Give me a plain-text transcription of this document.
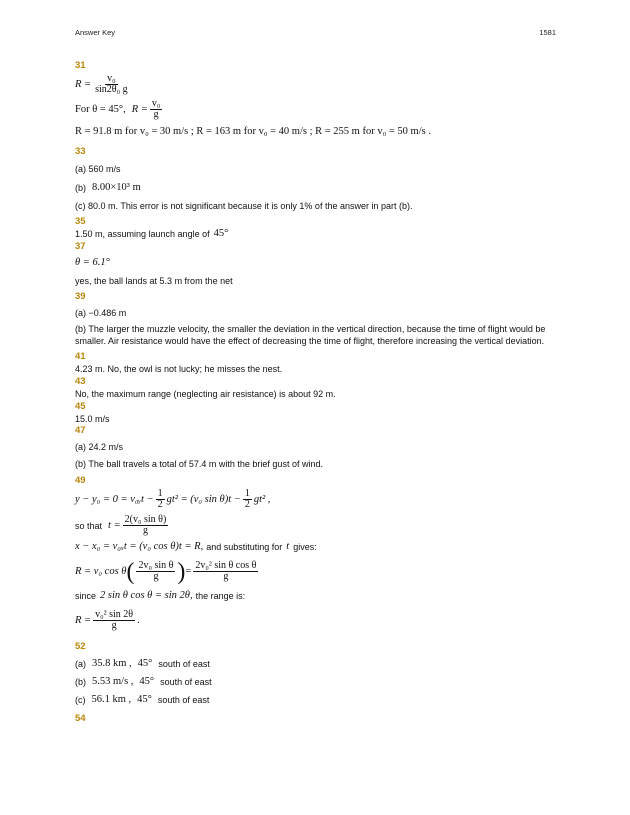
Answer Key	1581
31
$R = \frac{\text{v₀}}{\text{sin2θ₀ g}}$
For θ = 45°, $R = \frac{\text{v₀}}{g}$
R = 91.8 m for v₀ = 30 m/s ; R = 163 m for v₀ = 40 m/s ; R = 255 m for v₀ = 50 m/s .
33
(a) 560 m/s
(b) 8.00×10³ m
(c) 80.0 m. This error is not significant because it is only 1% of the answer in part (b).
35
1.50 m, assuming launch angle of 45°
37
θ = 6.1°
yes, the ball lands at 5.3 m from the net
39
(a) −0.486 m
(b) The larger the muzzle velocity, the smaller the deviation in the vertical direction, because the time of flight would be smaller. Air resistance would have the effect of decreasing the time of flight, therefore increasing the vertical deviation.
41
4.23 m. No, the owl is not lucky; he misses the nest.
43
No, the maximum range (neglecting air resistance) is about 92 m.
45
15.0 m/s
47
(a) 24.2 m/s
(b) The ball travels a total of 57.4 m with the brief gust of wind.
49
y − y₀ = 0 = v₀ᵧt − $\frac{1}{2} gt^2 = (v_0$ $\sin \theta)t - \frac{1}{2} gt^2$ ,
so that $t = \frac{\text{2(v₀ sin θ)}}{g}$
x − x₀ = v₀ₓt = (v₀ cos θ)t = R, and substituting for t gives:
R = v₀ cos θ ( $\frac{\text{2v₀ sin θ}}{g}$ ) = $\frac{\text{2v₀² sin θ cos θ}}{g}$
since 2 sin θ cos θ = sin 2θ, the range is:
$R = \frac{\text{v₀² sin 2θ}}{g}$ .
52
(a) 35.8 km , 45° south of east
(b) 5.53 m/s , 45° south of east
(c) 56.1 km , 45° south of east
54
